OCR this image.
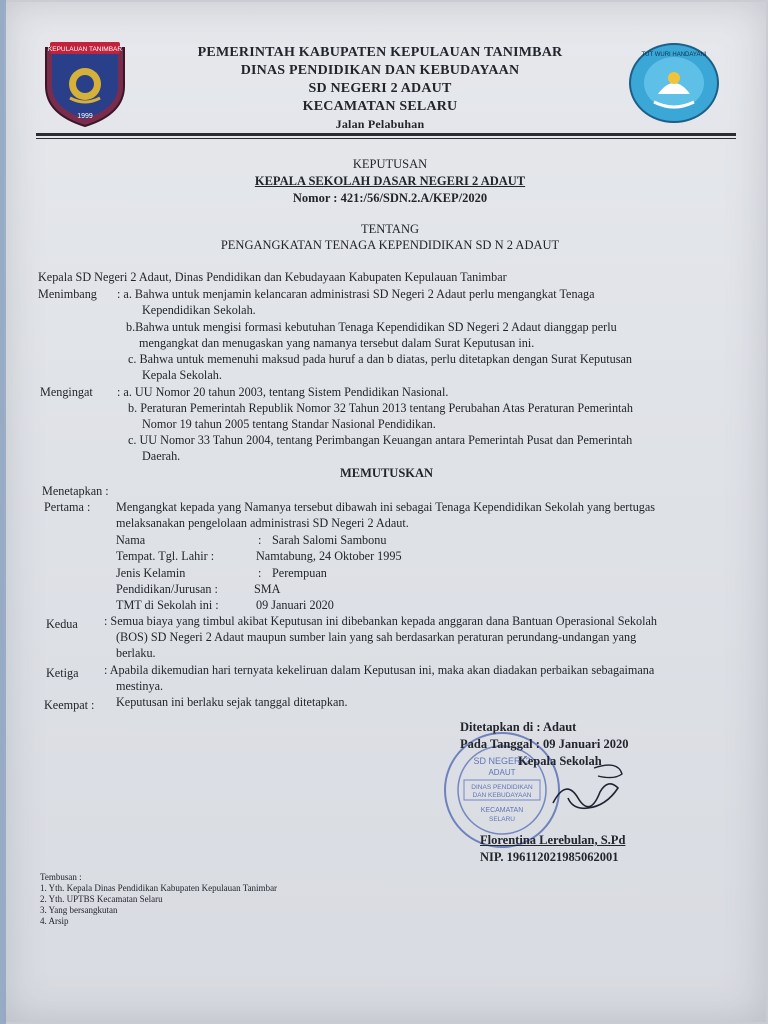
KEPULAUAN TANIMBAR
1999
TUT WURI HANDAYANI
PEMERINTAH KABUPATEN KEPULAUAN TANIMBAR
DINAS PENDIDIKAN DAN KEBUDAYAAN
SD NEGERI 2 ADAUT
KECAMATAN SELARU
Jalan Pelabuhan
KEPUTUSAN
KEPALA SEKOLAH DASAR NEGERI 2 ADAUT
Nomor : 421:/56/SDN.2.A/KEP/2020
TENTANG
PENGANGKATAN TENAGA KEPENDIDIKAN SD N 2 ADAUT
Kepala SD Negeri 2 Adaut, Dinas Pendidikan dan Kebudayaan Kabupaten Kepulauan Tanimbar
Menimbang : a. Bahwa untuk menjamin kelancaran administrasi SD Negeri 2 Adaut perlu mengangkat Tenaga
Kependidikan Sekolah.
b.Bahwa untuk mengisi formasi kebutuhan Tenaga Kependidikan SD Negeri 2 Adaut dianggap perlu
mengangkat dan menugaskan yang namanya tersebut dalam Surat Keputusan ini.
c. Bahwa untuk memenuhi maksud pada huruf a dan b diatas, perlu ditetapkan dengan Surat Keputusan
Kepala Sekolah.
Mengingat : a. UU Nomor 20 tahun 2003, tentang Sistem Pendidikan Nasional.
b. Peraturan Pemerintah Republik Nomor 32 Tahun 2013 tentang Perubahan Atas Peraturan Pemerintah
Nomor 19 tahun 2005 tentang Standar Nasional Pendidikan.
c. UU Nomor 33 Tahun 2004, tentang Perimbangan Keuangan antara Pemerintah Pusat dan Pemerintah
Daerah.
MEMUTUSKAN
Menetapkan :
Pertama : Mengangkat kepada yang Namanya tersebut dibawah ini sebagai Tenaga Kependidikan Sekolah yang bertugas
melaksanakan pengelolaan administrasi SD Negeri 2 Adaut.
Nama	: Sarah Salomi Sambonu
Tempat. Tgl. Lahir :	Namtabung, 24 Oktober 1995
Jenis Kelamin	: Perempuan
Pendidikan/Jurusan :	SMA
TMT di Sekolah ini :	09 Januari 2020
Kedua : Semua biaya yang timbul akibat Keputusan ini dibebankan kepada anggaran dana Bantuan Operasional Sekolah
(BOS) SD Negeri 2 Adaut maupun sumber lain yang sah berdasarkan peraturan perundang-undangan yang
berlaku.
Ketiga : Apabila dikemudian hari ternyata kekeliruan dalam Keputusan ini, maka akan diadakan perbaikan sebagaimana
mestinya.
Keempat : Keputusan ini berlaku sejak tanggal ditetapkan.
SD NEGERI 2
ADAUT
DINAS PENDIDIKAN
DAN KEBUDAYAAN
KECAMATAN
SELARU
Ditetapkan di : Adaut
Pada Tanggal : 09 Januari 2020
Kepala Sekolah
Florentina Lerebulan, S.Pd
NIP. 196112021985062001
Tembusan :
1. Yth. Kepala Dinas Pendidikan Kabupaten Kepulauan Tanimbar
2. Yth. UPTBS Kecamatan Selaru
3. Yang bersangkutan
4. Arsip
